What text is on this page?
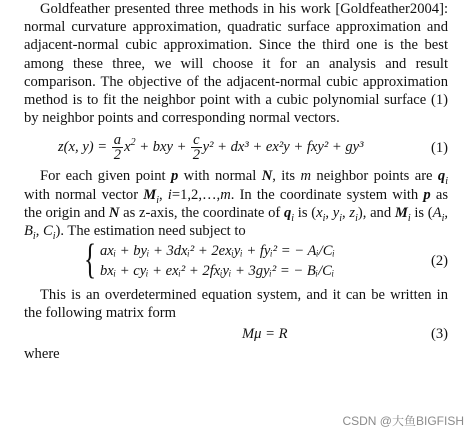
Goldfeather presented three methods in his work [Goldfeather2004]: normal curvature approximation, quadratic surface approximation and adjacent-normal cubic approximation. Since the third one is the best among these three, we will choose it for an analysis and result comparison. The objective of the adjacent-normal cubic approximation method is to fit the neighbor point with a cubic polynomial surface (1) by neighbor points and corresponding normal vectors.

z(x, $y) = \frac{a}{2} x^2$ + bxy + $\frac{c}{2} y^2 + dx^3 + ex^2y + fxy^2 + gy^3$	(1)

For each given point p with normal N, its m neighbor points are $q_i$ with normal vector $M_i$, i=1,2,…,m. In the coordinate system with p as the origin and N as z-axis, the coordinate of $q_i$ is ($x_i$, $y_i$, $z_i$), and $M_i$ is ($A_i$, $B_i$, $C_i$). The estimation need subject to

{ axᵢ + byᵢ + 3dxᵢ² + 2exᵢyᵢ + fyᵢ² = − Aᵢ/Cᵢ
bxᵢ + cyᵢ + exᵢ² + 2fxᵢyᵢ + 3gyᵢ² = − Bᵢ/Cᵢ
(2)

This is an overdetermined equation system, and it can be written in the following matrix form

Mμ = R	(3)

where

CSDN @大鱼BIGFISH
